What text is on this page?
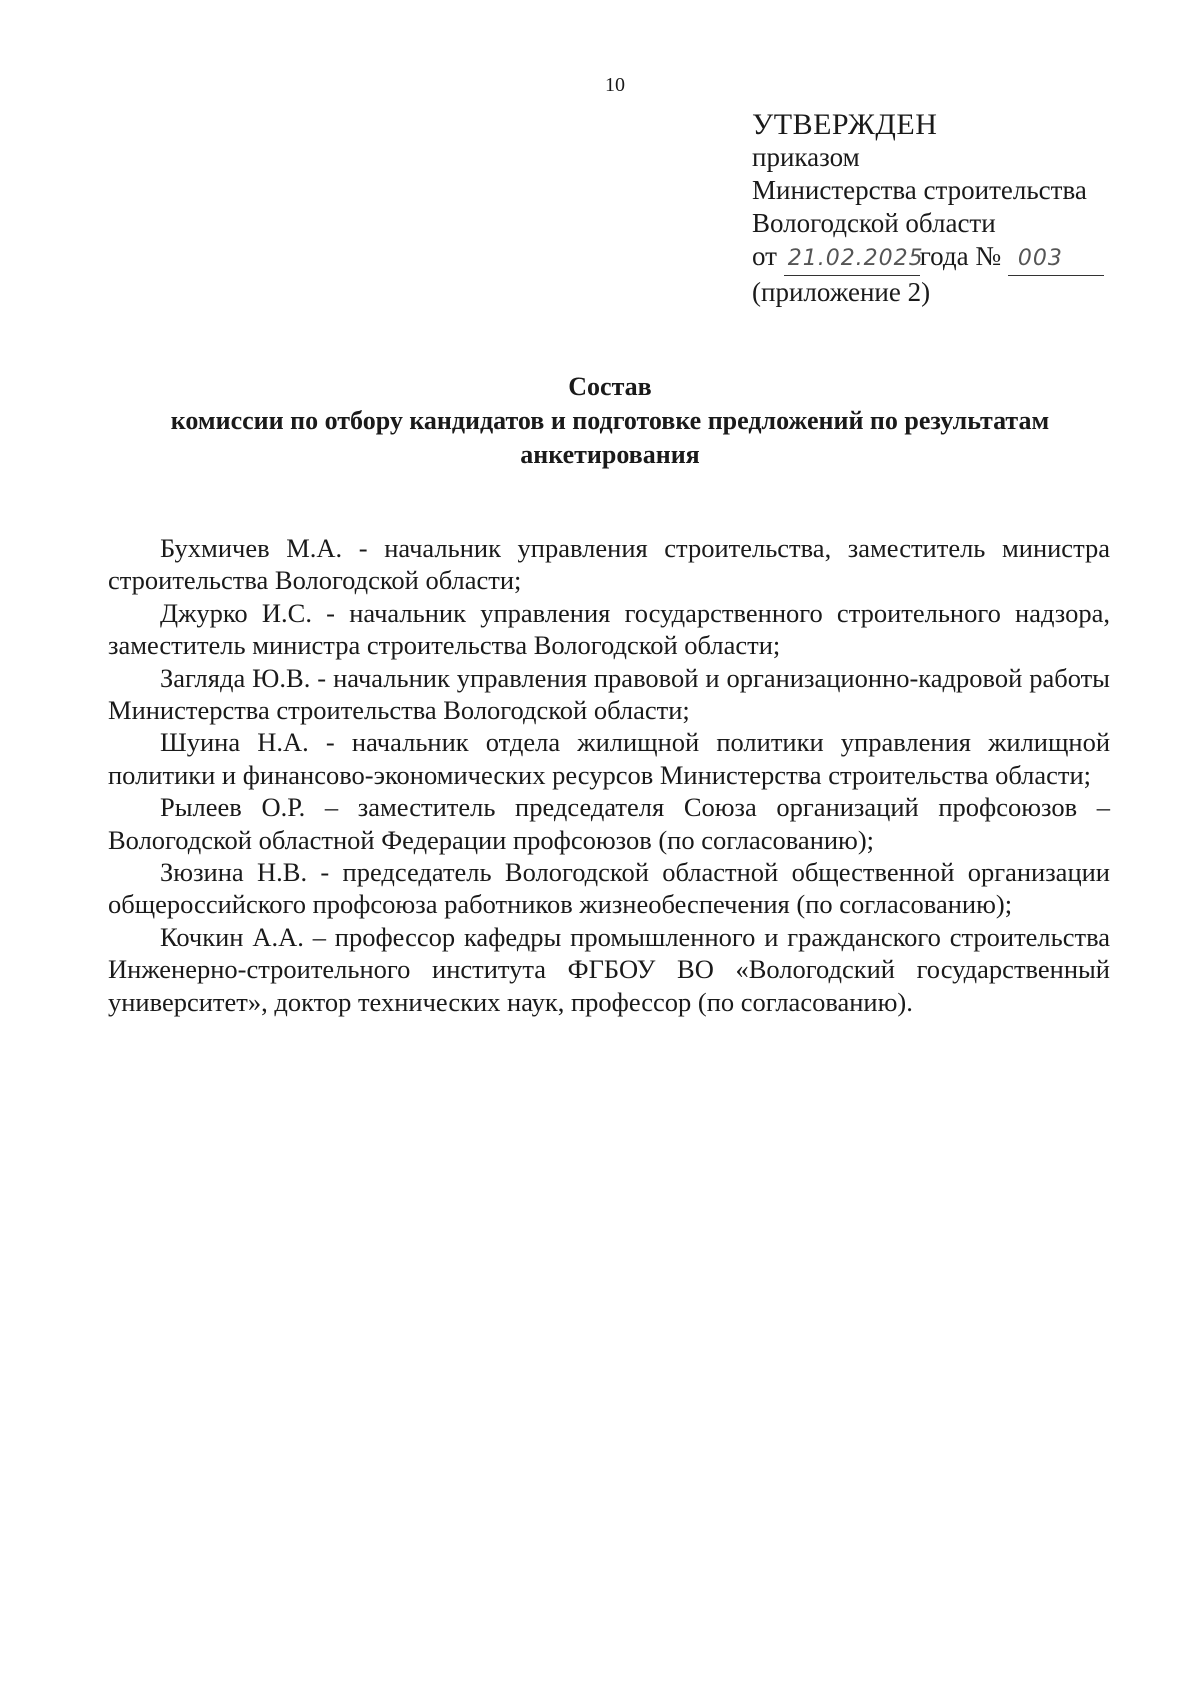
10
УТВЕРЖДЕН
приказом
Министерства строительства
Вологодской области
от 21.02.2025года № 003
(приложение 2)
Состав
комиссии по отбору кандидатов и подготовке предложений по результатам анкетирования

Бухмичев М.А. - начальник управления строительства, заместитель министра строительства Вологодской области;

Джурко И.С. - начальник управления государственного строительного надзора, заместитель министра строительства Вологодской области;

Загляда Ю.В. - начальник управления правовой и организационно-кадровой работы Министерства строительства Вологодской области;

Шуина Н.А. - начальник отдела жилищной политики управления жилищной политики и финансово-экономических ресурсов Министерства строительства области;

Рылеев О.Р. – заместитель председателя Союза организаций профсоюзов – Вологодской областной Федерации профсоюзов (по согласованию);

Зюзина Н.В. - председатель Вологодской областной общественной организации общероссийского профсоюза работников жизнеобеспечения (по согласованию);

Кочкин А.А. – профессор кафедры промышленного и гражданского строительства Инженерно-строительного института ФГБОУ ВО «Вологодский государственный университет», доктор технических наук, профессор (по согласованию).
